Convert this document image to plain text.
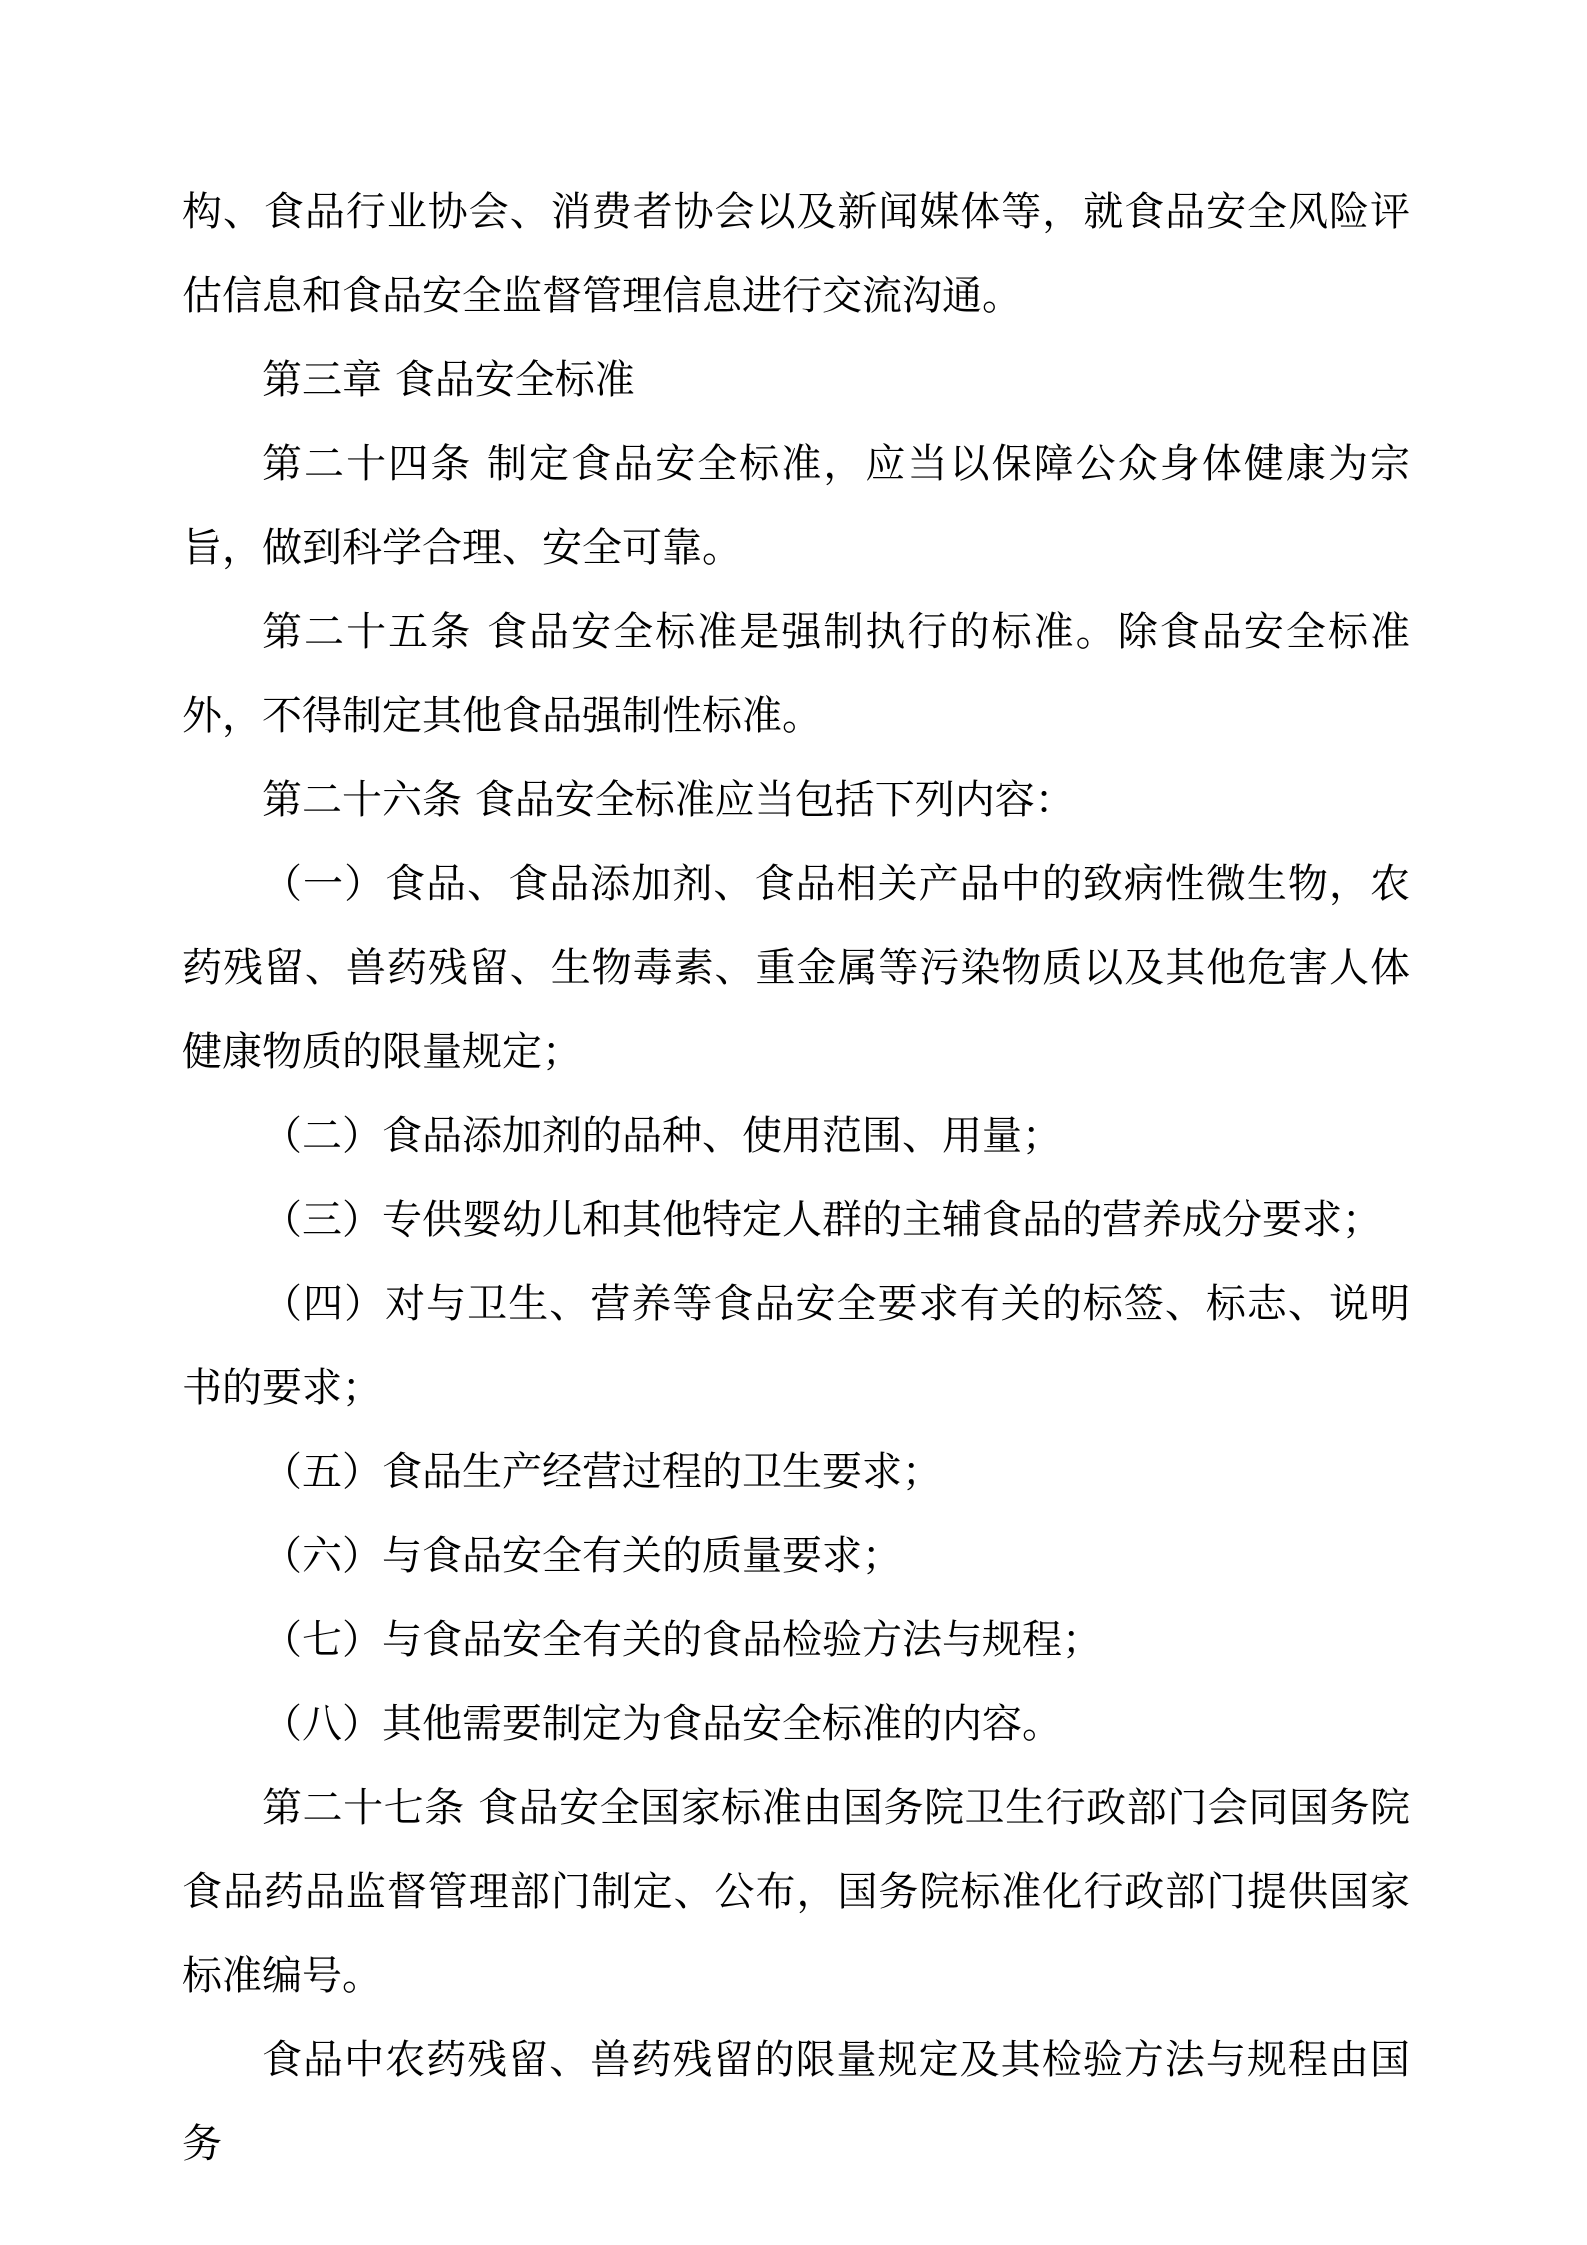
构、食品行业协会、消费者协会以及新闻媒体等，就食品安全风险评估信息和食品安全监督管理信息进行交流沟通。

第三章 食品安全标准

第二十四条 制定食品安全标准，应当以保障公众身体健康为宗旨，做到科学合理、安全可靠。

第二十五条 食品安全标准是强制执行的标准。除食品安全标准外，不得制定其他食品强制性标准。

第二十六条 食品安全标准应当包括下列内容：

（一）食品、食品添加剂、食品相关产品中的致病性微生物，农药残留、兽药残留、生物毒素、重金属等污染物质以及其他危害人体健康物质的限量规定；

（二）食品添加剂的品种、使用范围、用量；

（三）专供婴幼儿和其他特定人群的主辅食品的营养成分要求；

（四）对与卫生、营养等食品安全要求有关的标签、标志、说明书的要求；

（五）食品生产经营过程的卫生要求；

（六）与食品安全有关的质量要求；

（七）与食品安全有关的食品检验方法与规程；

（八）其他需要制定为食品安全标准的内容。

第二十七条 食品安全国家标准由国务院卫生行政部门会同国务院食品药品监督管理部门制定、公布，国务院标准化行政部门提供国家标准编号。

食品中农药残留、兽药残留的限量规定及其检验方法与规程由国务
